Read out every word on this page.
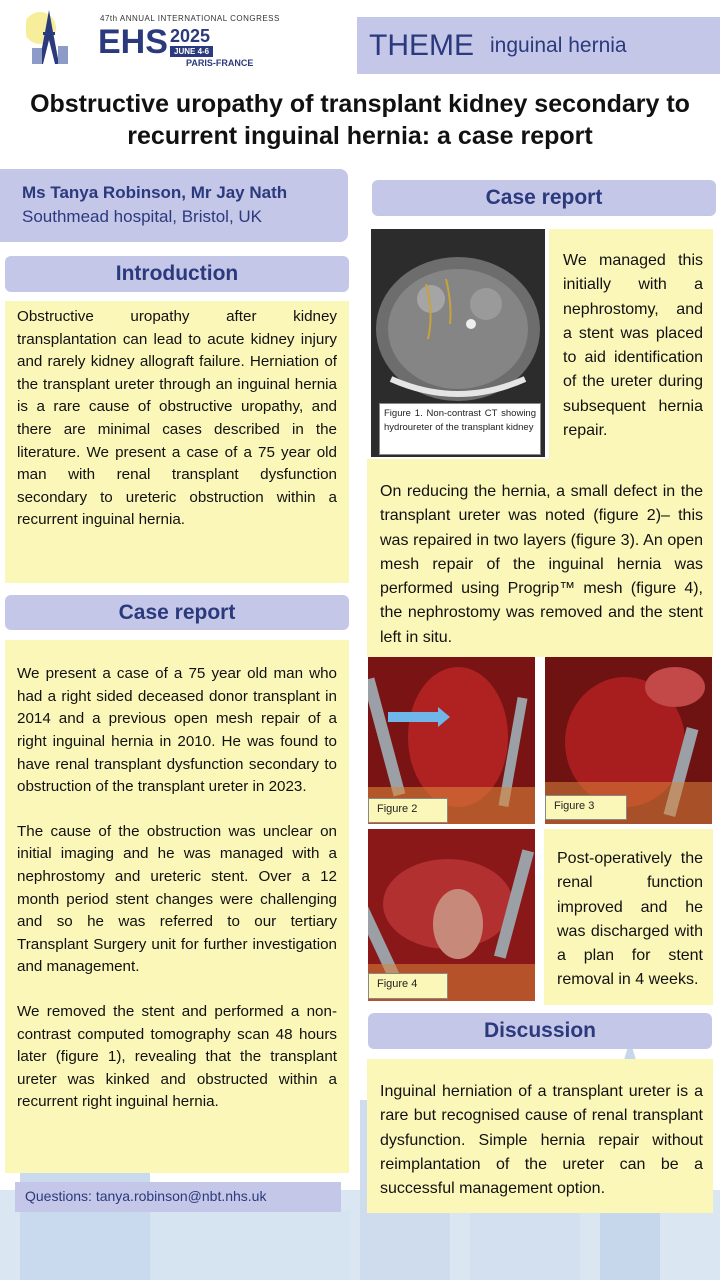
47th ANNUAL INTERNATIONAL CONGRESS
EHS 2025
JUNE 4-6
PARIS-FRANCE
THEME inguinal hernia
Obstructive uropathy of transplant kidney secondary to
recurrent inguinal hernia: a case report
Ms Tanya Robinson, Mr Jay Nath
Southmead hospital, Bristol, UK
Introduction

Obstructive uropathy after kidney transplantation can lead to acute kidney injury and rarely kidney allograft failure. Herniation of the transplant ureter through an inguinal hernia is a rare cause of obstructive uropathy, and there are minimal cases described in the literature. We present a case of a 75 year old man with renal transplant dysfunction secondary to ureteric obstruction within a recurrent inguinal hernia.

Case report

We present a case of a 75 year old man who had a right sided deceased donor transplant in 2014 and a previous open mesh repair of a right inguinal hernia in 2010. He was found to have renal transplant dysfunction secondary to obstruction of the transplant ureter in 2023.

The cause of the obstruction was unclear on initial imaging and he was managed with a nephrostomy and ureteric stent. Over a 12 month period stent changes were challenging and so he was referred to our tertiary Transplant Surgery unit for further investigation and management.

We removed the stent and performed a non-contrast computed tomography scan 48 hours later (figure 1), revealing that the transplant ureter was kinked and obstructed within a recurrent right inguinal hernia.

Questions: tanya.robinson@nbt.nhs.uk
Case report
Figure 1. Non-contrast CT showing hydroureter of the transplant kidney

We managed this initially with a nephrostomy, and a stent was placed to aid identification of the ureter during subsequent hernia repair.

On reducing the hernia, a small defect in the transplant ureter was noted (figure 2)– this was repaired in two layers (figure 3). An open mesh repair of the inguinal hernia was performed using Progrip™ mesh (figure 4), the nephrostomy was removed and the stent left in situ.

Figure 2	Figure 3
Figure 4

Post-operatively the renal function improved and he was discharged with a plan for stent removal in 4 weeks.

Discussion

Inguinal herniation of a transplant ureter is a rare but recognised cause of renal transplant dysfunction. Simple hernia repair without reimplantation of the ureter can be a successful management option.
